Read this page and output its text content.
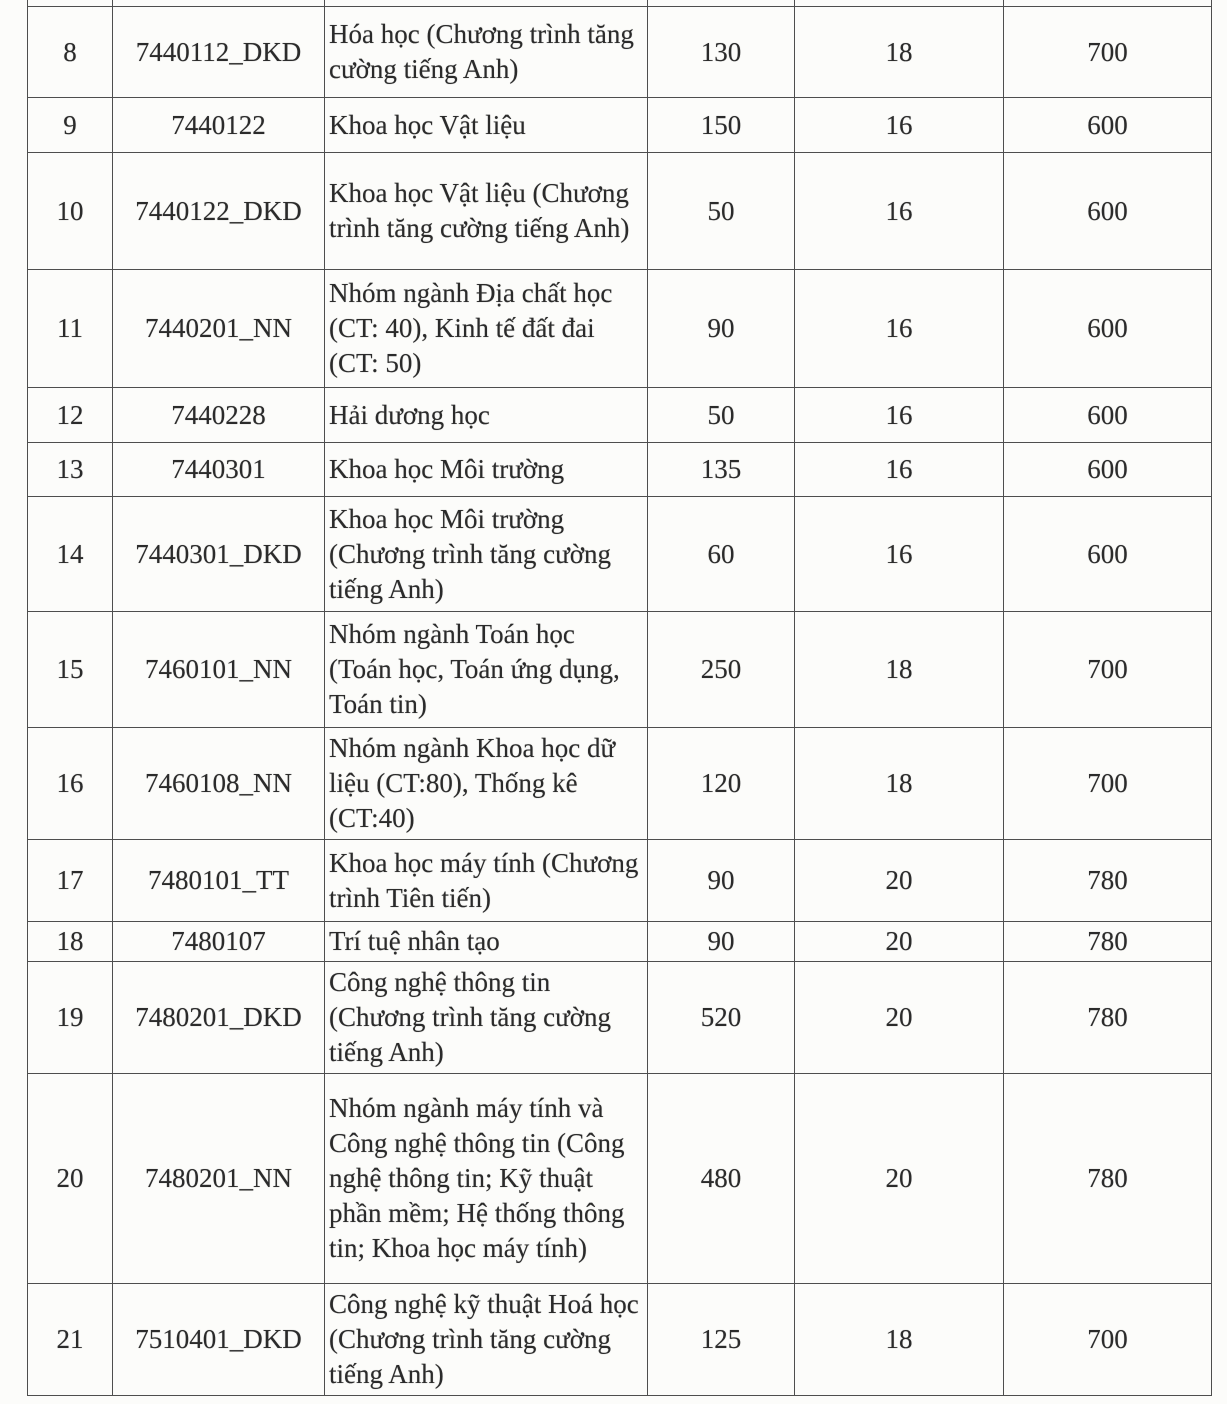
8	7440112_DKD	Hóa học (Chương trình tăng cường tiếng Anh)	130	18	700
9	7440122	Khoa học Vật liệu	150	16	600
10	7440122_DKD	Khoa học Vật liệu (Chương trình tăng cường tiếng Anh)	50	16	600
11	7440201_NN	Nhóm ngành Địa chất học (CT: 40), Kinh tế đất đai (CT: 50)	90	16	600
12	7440228	Hải dương học	50	16	600
13	7440301	Khoa học Môi trường	135	16	600
14	7440301_DKD	Khoa học Môi trường (Chương trình tăng cường tiếng Anh)	60	16	600
15	7460101_NN	Nhóm ngành Toán học (Toán học, Toán ứng dụng, Toán tin)	250	18	700
16	7460108_NN	Nhóm ngành Khoa học dữ liệu (CT:80), Thống kê (CT:40)	120	18	700
17	7480101_TT	Khoa học máy tính (Chương trình Tiên tiến)	90	20	780
18	7480107	Trí tuệ nhân tạo	90	20	780
19	7480201_DKD	Công nghệ thông tin (Chương trình tăng cường tiếng Anh)	520	20	780
20	7480201_NN	Nhóm ngành máy tính và Công nghệ thông tin (Công nghệ thông tin; Kỹ thuật phần mềm; Hệ thống thông tin; Khoa học máy tính)	480	20	780
21	7510401_DKD	Công nghệ kỹ thuật Hoá học (Chương trình tăng cường tiếng Anh)	125	18	700
